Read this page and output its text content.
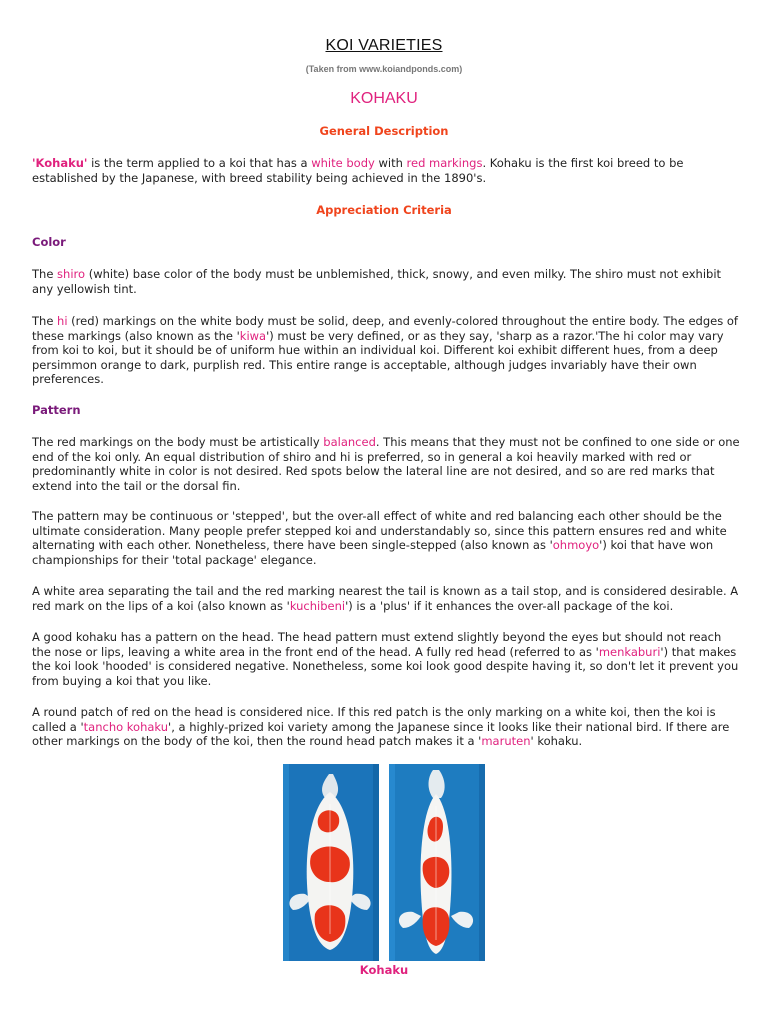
KOI VARIETIES
(Taken from www.koiandponds.com)
KOHAKU
General Description
'Kohaku' is the term applied to a koi that has a white body with red markings. Kohaku is the first koi breed to be established by the Japanese, with breed stability being achieved in the 1890's.
Appreciation Criteria
Color
The shiro (white) base color of the body must be unblemished, thick, snowy, and even milky. The shiro must not exhibit any yellowish tint.
The hi (red) markings on the white body must be solid, deep, and evenly-colored throughout the entire body. The edges of these markings (also known as the 'kiwa') must be very defined, or as they say, 'sharp as a razor.'The hi color may vary from koi to koi, but it should be of uniform hue within an individual koi. Different koi exhibit different hues, from a deep persimmon orange to dark, purplish red. This entire range is acceptable, although judges invariably have their own preferences.
Pattern
The red markings on the body must be artistically balanced. This means that they must not be confined to one side or one end of the koi only. An equal distribution of shiro and hi is preferred, so in general a koi heavily marked with red or predominantly white in color is not desired. Red spots below the lateral line are not desired, and so are red marks that extend into the tail or the dorsal fin.
The pattern may be continuous or 'stepped', but the over-all effect of white and red balancing each other should be the ultimate consideration. Many people prefer stepped koi and understandably so, since this pattern ensures red and white alternating with each other. Nonetheless, there have been single-stepped (also known as 'ohmoyo') koi that have won championships for their 'total package' elegance.
A white area separating the tail and the red marking nearest the tail is known as a tail stop, and is considered desirable. A red mark on the lips of a koi (also known as 'kuchibeni') is a 'plus' if it enhances the over-all package of the koi.
A good kohaku has a pattern on the head. The head pattern must extend slightly beyond the eyes but should not reach the nose or lips, leaving a white area in the front end of the head. A fully red head (referred to as 'menkaburi') that makes the koi look 'hooded' is considered negative. Nonetheless, some koi look good despite having it, so don't let it prevent you from buying a koi that you like.
A round patch of red on the head is considered nice. If this red patch is the only marking on a white koi, then the koi is called a 'tancho kohaku', a highly-prized koi variety among the Japanese since it looks like their national bird. If there are other markings on the body of the koi, then the round head patch makes it a 'maruten' kohaku.
Kohaku
